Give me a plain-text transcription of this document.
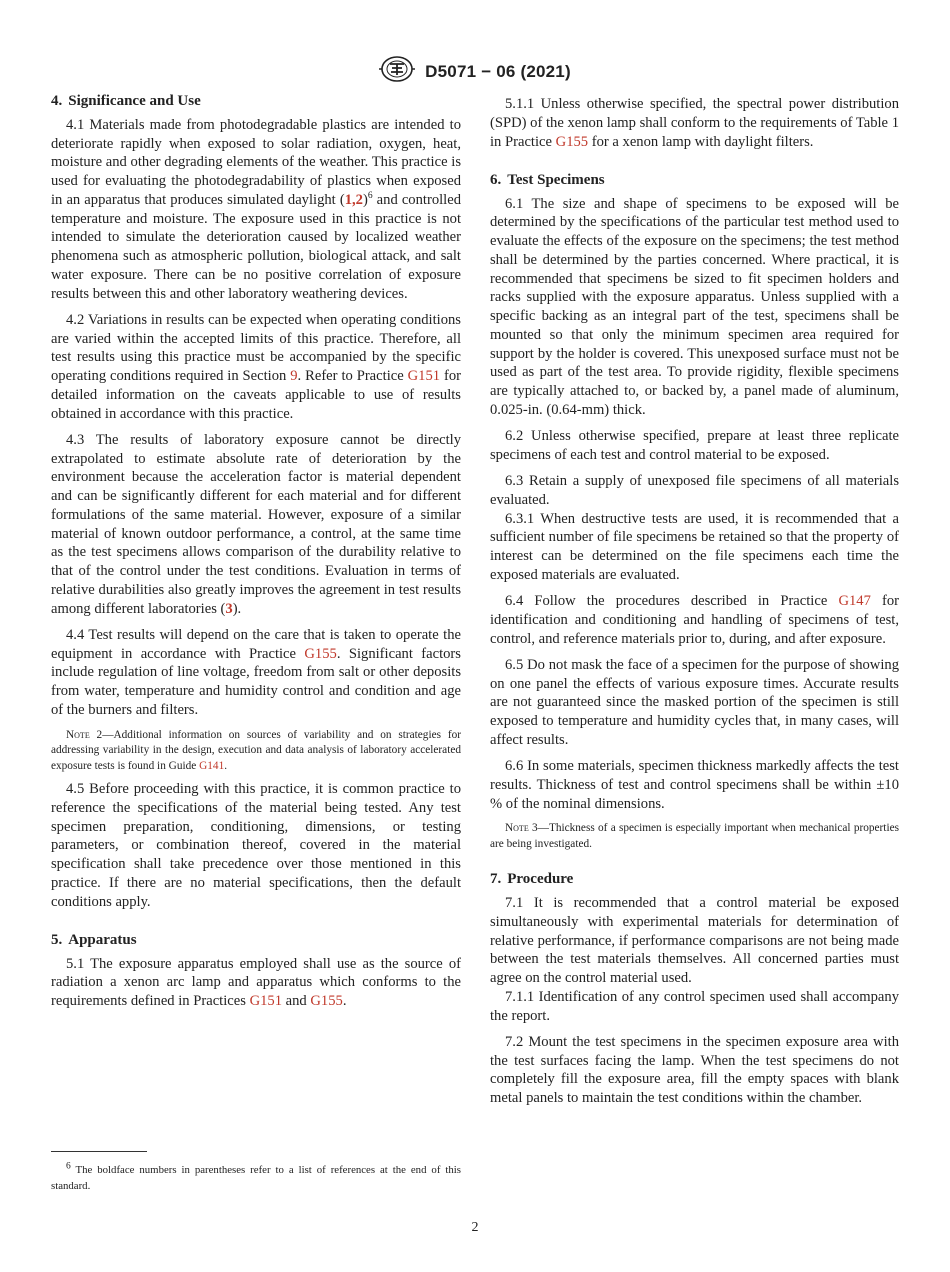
D5071 − 06 (2021)
4. Significance and Use

4.1 Materials made from photodegradable plastics are intended to deteriorate rapidly when exposed to solar radiation, oxygen, heat, moisture and other degrading elements of the weather. This practice is used for evaluating the photodegradability of plastics when exposed in an apparatus that produces simulated daylight $(1,2)^6$ and controlled temperature and moisture. The exposure used in this practice is not intended to simulate the deterioration caused by localized weather phenomena such as atmospheric pollution, biological attack, and salt water exposure. There can be no positive correlation of exposure results between this and other laboratory weathering devices.

4.2 Variations in results can be expected when operating conditions are varied within the accepted limits of this practice. Therefore, all test results using this practice must be accompanied by the specific operating conditions required in Section 9. Refer to Practice G151 for detailed information on the caveats applicable to use of results obtained in accordance with this practice.

4.3 The results of laboratory exposure cannot be directly extrapolated to estimate absolute rate of deterioration by the environment because the acceleration factor is material dependent and can be significantly different for each material and for different formulations of the same material. However, exposure of a similar material of known outdoor performance, a control, at the same time as the test specimens allows comparison of the durability relative to that of the control under the test conditions. Evaluation in terms of relative durabilities also greatly improves the agreement in test results among different laboratories (3).

4.4 Test results will depend on the care that is taken to operate the equipment in accordance with Practice G155. Significant factors include regulation of line voltage, freedom from salt or other deposits from water, temperature and humidity control and condition and age of the burners and filters.

Note 2—Additional information on sources of variability and on strategies for addressing variability in the design, execution and data analysis of laboratory accelerated exposure tests is found in Guide G141.

4.5 Before proceeding with this practice, it is common practice to reference the specifications of the material being tested. Any test specimen preparation, conditioning, dimensions, or testing parameters, or combination thereof, covered in the material specification shall take precedence over those mentioned in this practice. If there are no material specifications, then the default conditions apply.

5. Apparatus

5.1 The exposure apparatus employed shall use as the source of radiation a xenon arc lamp and apparatus which conforms to the requirements defined in Practices G151 and G155.

6 The boldface numbers in parentheses refer to a list of references at the end of this standard.

5.1.1 Unless otherwise specified, the spectral power distribution (SPD) of the xenon lamp shall conform to the requirements of Table 1 in Practice G155 for a xenon lamp with daylight filters.

6. Test Specimens

6.1 The size and shape of specimens to be exposed will be determined by the specifications of the particular test method used to evaluate the effects of the exposure on the specimens; the test method shall be determined by the parties concerned. Where practical, it is recommended that specimens be sized to fit specimen holders and racks supplied with the exposure apparatus. Unless supplied with a specific backing as an integral part of the test, specimens shall be mounted so that only the minimum specimen area required for support by the holder is covered. This unexposed surface must not be used as part of the test area. To provide rigidity, flexible specimens are typically attached to, or backed by, a panel made of aluminum, 0.025-in. (0.64-mm) thick.

6.2 Unless otherwise specified, prepare at least three replicate specimens of each test and control material to be exposed.

6.3 Retain a supply of unexposed file specimens of all materials evaluated.

6.3.1 When destructive tests are used, it is recommended that a sufficient number of file specimens be retained so that the property of interest can be determined on the file specimens each time the exposed materials are evaluated.

6.4 Follow the procedures described in Practice G147 for identification and conditioning and handling of specimens of test, control, and reference materials prior to, during, and after exposure.

6.5 Do not mask the face of a specimen for the purpose of showing on one panel the effects of various exposure times. Accurate results are not guaranteed since the masked portion of the specimen is still exposed to temperature and humidity cycles that, in many cases, will affect results.

6.6 In some materials, specimen thickness markedly affects the test results. Thickness of test and control specimens shall be within ±10 % of the nominal dimensions.

Note 3—Thickness of a specimen is especially important when mechanical properties are being investigated.

7. Procedure

7.1 It is recommended that a control material be exposed simultaneously with experimental materials for determination of relative performance, if performance comparisons are not being made between the test materials themselves. All concerned parties must agree on the control material used.

7.1.1 Identification of any control specimen used shall accompany the report.

7.2 Mount the test specimens in the specimen exposure area with the test surfaces facing the lamp. When the test specimens do not completely fill the exposure area, fill the empty spaces with blank metal panels to maintain the test conditions within the chamber.

2
